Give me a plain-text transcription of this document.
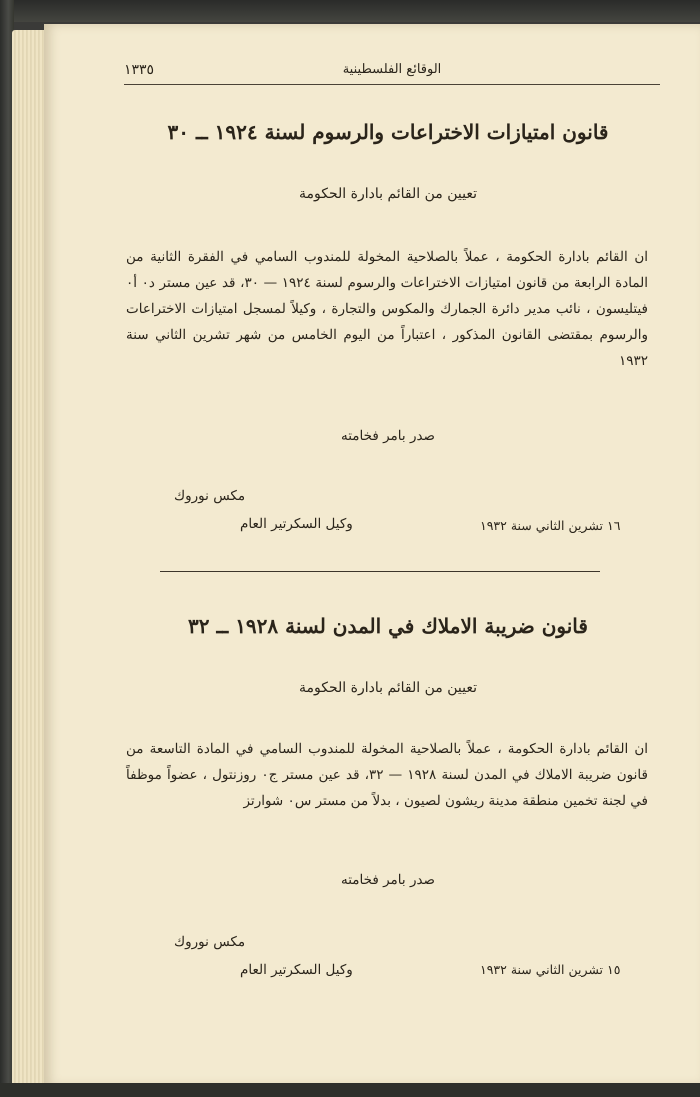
الوقائع الفلسطينية
١٣٣٥
قانون امتيازات الاختراعات والرسوم لسنة ١٩٢٤ ــ ٣٠
تعيين من القائم بادارة الحكومة
ان القائم بادارة الحكومة ، عملاً بالصلاحية المخولة للمندوب السامي في الفقرة الثانية من المادة الرابعة من قانون امتيازات الاختراعات والرسوم لسنة ١٩٢٤ — ٣٠، قد عين مستر د٠ أ٠ فيتليسون ، نائب مدير دائرة الجمارك والمكوس والتجارة ، وكيلاً لمسجل امتيازات الاختراعات والرسوم بمقتضى القانون المذكور ، اعتباراً من اليوم الخامس من شهر تشرين الثاني سنة ١٩٣٢
صدر بامر فخامته
مكس نوروك
وكيل السكرتير العام	١٦ تشرين الثاني سنة ١٩٣٢
قانون ضريبة الاملاك في المدن لسنة ١٩٢٨ ــ ٣٢
تعيين من القائم بادارة الحكومة
ان القائم بادارة الحكومة ، عملاً بالصلاحية المخولة للمندوب السامي في المادة التاسعة من قانون ضريبة الاملاك في المدن لسنة ١٩٢٨ — ٣٢، قد عين مستر ج٠ روزنتول ، عضواً موظفاً في لجنة تخمين منطقة مدينة ريشون لصيون ، بدلاً من مستر س٠ شوارتز
صدر بامر فخامته
مكس نوروك
وكيل السكرتير العام	١٥ تشرين الثاني سنة ١٩٣٢
